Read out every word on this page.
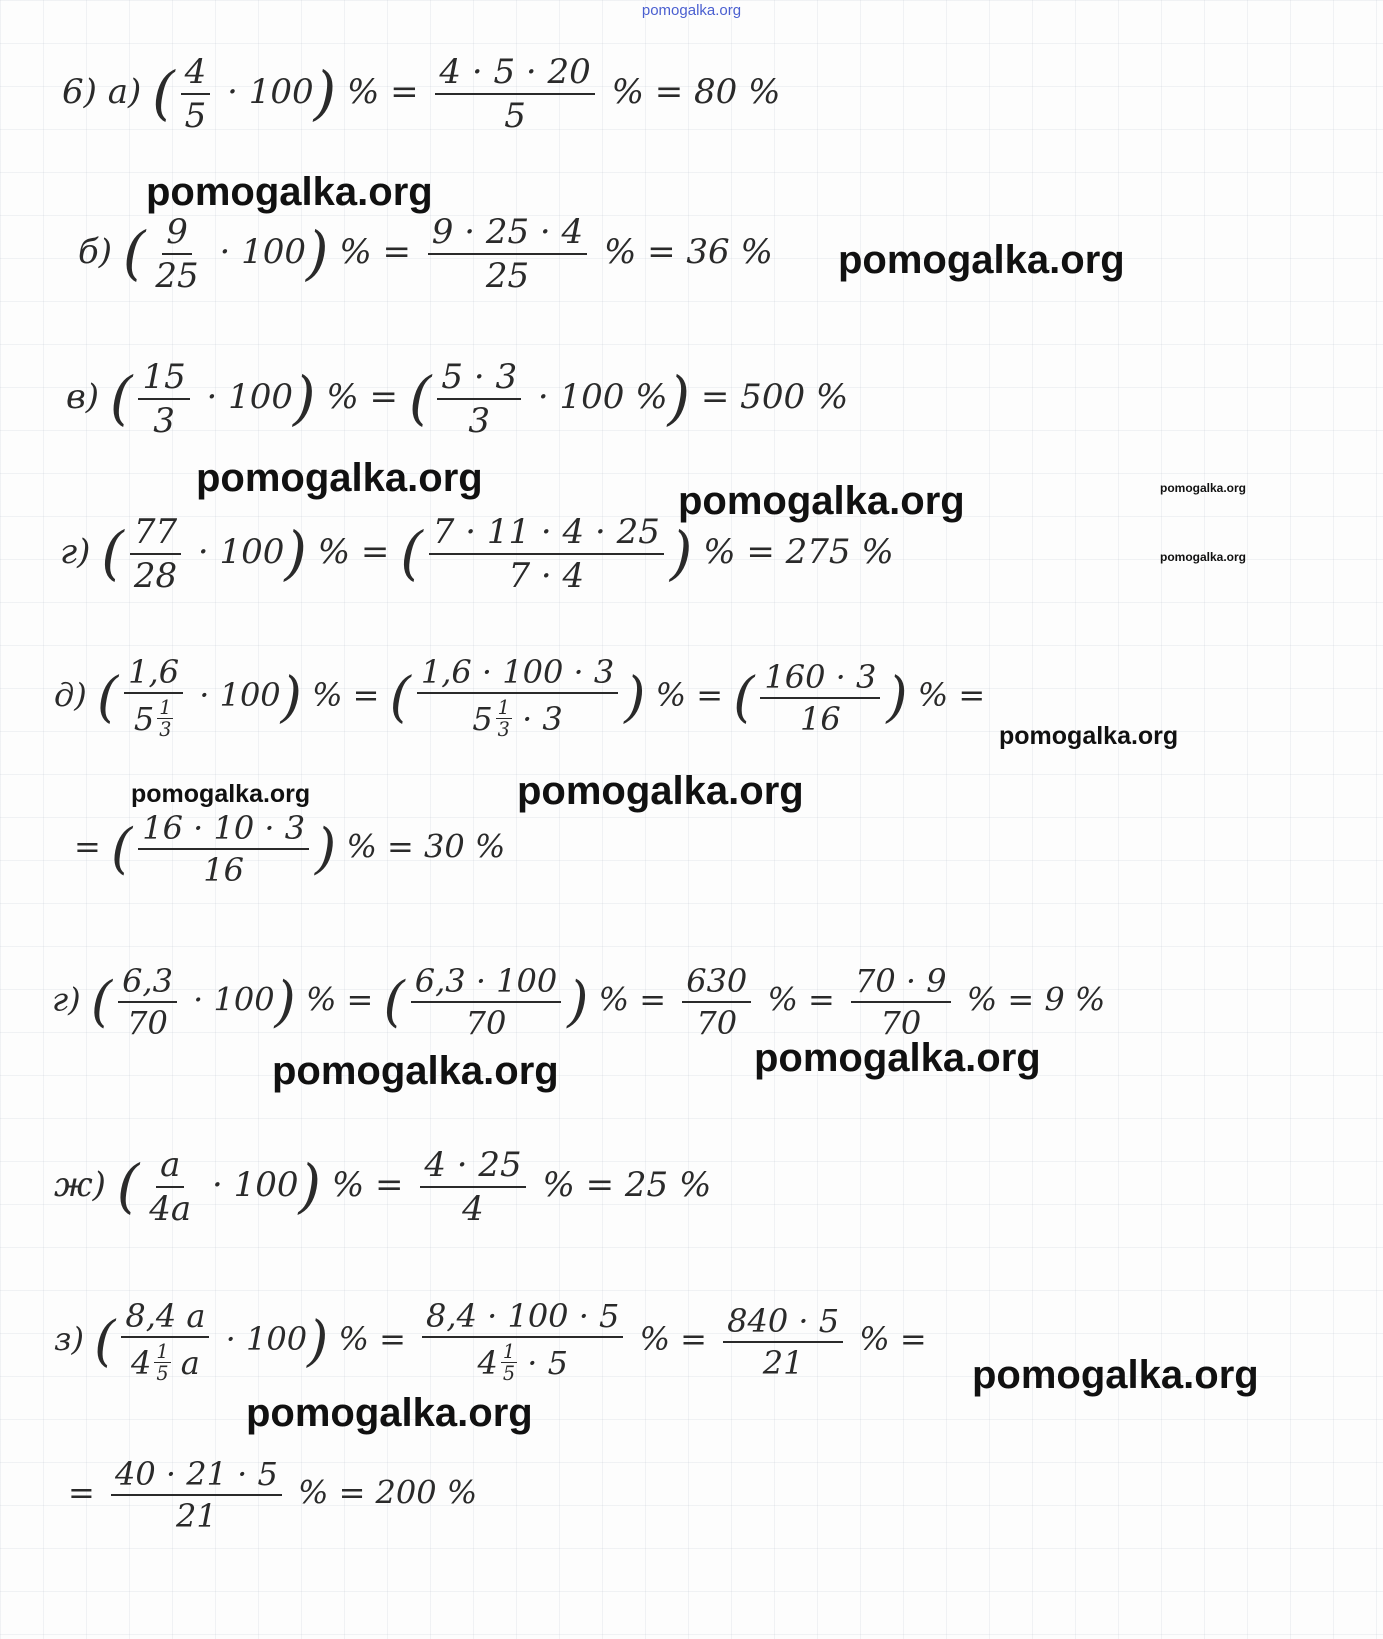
pomogalka.org
6) а) ( $\frac{4}{5} \cdot 100$) % = $\frac{4 \cdot 5 \cdot 20}{5}$ % = 80 %
pomogalka.org
б) ( $\frac{9}{25} \cdot 100$) % = $\frac{9 \cdot 25 \cdot 4}{25}$ % = 36 % pomogalka.org
в) ( $\frac{15}{3} \cdot 100$) % = ( $\frac{5 \cdot 3}{3} \cdot 100$ %) = 500 %
pomogalka.org
pomogalka.org	pomogalka.org
pomogalka.org
г) ( $\frac{77}{28} \cdot 100$) % = ( $\frac{7 \cdot 11 \cdot 4 \cdot 25}{7 \cdot 4}$ ) % = 275 %
д) ( $\frac{1,6}{5 \frac{1}{3}} \cdot 100$) % = ( 1,6 · 100 · 3
$5 \frac{1}{3}$
· 3 ) % = ( $\frac{160 \cdot 3}{16}$ ) % =
pomogalka.org
pomogalka.org	pomogalka.org
= ( $\frac{16 \cdot 10 \cdot 3}{16}$ ) % = 30 %
г) ( $\frac{6,3}{70} \cdot 100$) % = ( $\frac{6,3 \cdot 100}{70}$ ) % = $\frac{630}{70}$ % = $\frac{70 \cdot 9}{70}$ % = 9 %
pomogalka.org
pomogalka.org
ж) ( $\frac{a}{4a} \cdot 100$) % = $\frac{4 \cdot 25}{4}$ % = 25 %
з) ( 8,4 a
$4 \frac{1}{5}$
a · 100) % = 8,4 · 100 · 5
$4 \frac{1}{5}$
· 5 % = $\frac{840 \cdot 5}{21}$ % =
pomogalka.org
pomogalka.org
= $\frac{40 \cdot 21 \cdot 5}{21}$ % = 200 %
